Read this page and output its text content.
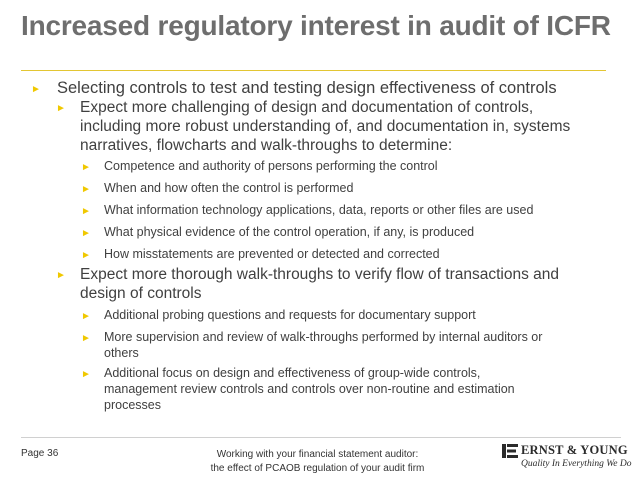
Increased regulatory interest in audit of ICFR
► Selecting controls to test and testing design effectiveness of controls
► Expect more challenging of design and documentation of controls,
including more robust understanding of, and documentation in, systems
narratives, flowcharts and walk-throughs to determine:
► Competence and authority of persons performing the control
► When and how often the control is performed
► What information technology applications, data, reports or other files are used
► What physical evidence of the control operation, if any, is produced
► How misstatements are prevented or detected and corrected
► Expect more thorough walk-throughs to verify flow of transactions and
design of controls
► Additional probing questions and requests for documentary support
► More supervision and review of walk-throughs performed by internal auditors or
others
► Additional focus on design and effectiveness of group-wide controls,
management review controls and controls over non-routine and estimation
processes
Page 36	Working with your financial statement auditor:
the effect of PCAOB regulation of your audit firm
ERNST & YOUNG
Quality In Everything We Do
